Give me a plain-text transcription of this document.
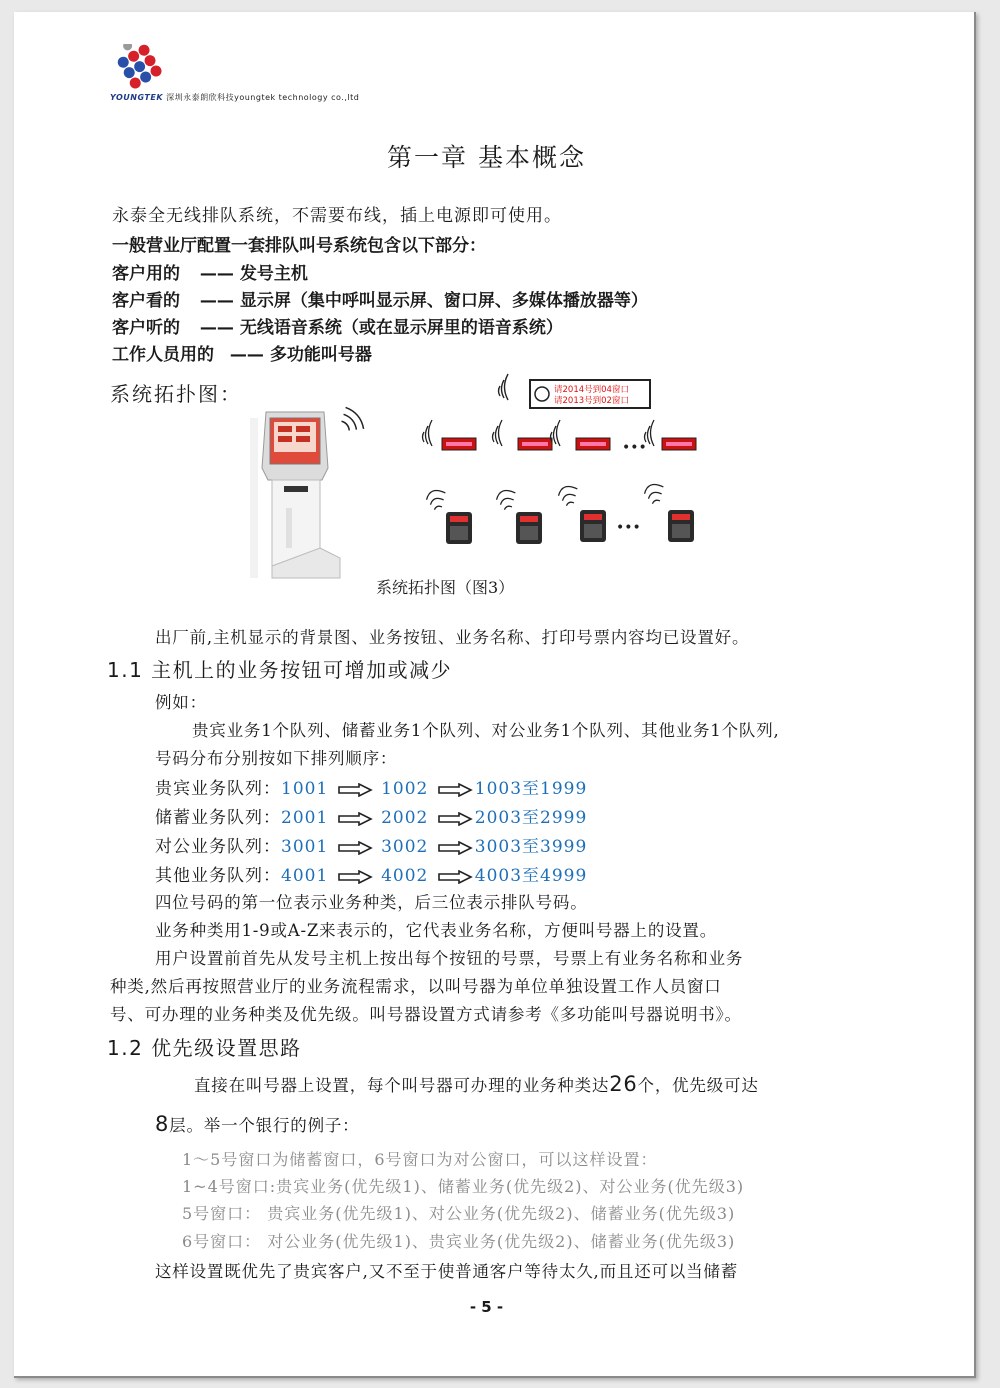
YOUNGTEK 深圳永泰朗欣科技youngtek technology co.,ltd
第一章 基本概念
永泰全无线排队系统，不需要布线，插上电源即可使用。
一般营业厅配置一套排队叫号系统包含以下部分：
客户用的 —— 发号主机
客户看的 —— 显示屏（集中呼叫显示屏、窗口屏、多媒体播放器等）
客户听的 —— 无线语音系统（或在显示屏里的语音系统）
工作人员用的 —— 多功能叫号器
系统拓扑图：	请2014号到04窗口
请2013号到02窗口
•••
•••
系统拓扑图（图3）
出厂前,主机显示的背景图、业务按钮、业务名称、打印号票内容均已设置好。
1.1 主机上的业务按钮可增加或减少
例如：
贵宾业务1个队列、储蓄业务1个队列、对公业务1个队列、其他业务1个队列,
号码分布分别按如下排列顺序：
贵宾业务队列：1001	1002	1003至1999
储蓄业务队列：2001	2002	2003至2999
对公业务队列：3001	3002	3003至3999
其他业务队列：4001	4002	4003至4999
四位号码的第一位表示业务种类，后三位表示排队号码。
业务种类用1-9或A-Z来表示的，它代表业务名称，方便叫号器上的设置。
用户设置前首先从发号主机上按出每个按钮的号票，号票上有业务名称和业务
种类,然后再按照营业厅的业务流程需求，以叫号器为单位单独设置工作人员窗口
号、可办理的业务种类及优先级。叫号器设置方式请参考《多功能叫号器说明书》。
1.2 优先级设置思路
直接在叫号器上设置，每个叫号器可办理的业务种类达26个，优先级可达
8层。举一个银行的例子：
1～5号窗口为储蓄窗口，6号窗口为对公窗口，可以这样设置：
1~4号窗口:贵宾业务(优先级1)、储蓄业务(优先级2)、对公业务(优先级3)
5号窗口： 贵宾业务(优先级1)、对公业务(优先级2)、储蓄业务(优先级3)
6号窗口： 对公业务(优先级1)、贵宾业务(优先级2)、储蓄业务(优先级3)
这样设置既优先了贵宾客户,又不至于使普通客户等待太久,而且还可以当储蓄
- 5 -
